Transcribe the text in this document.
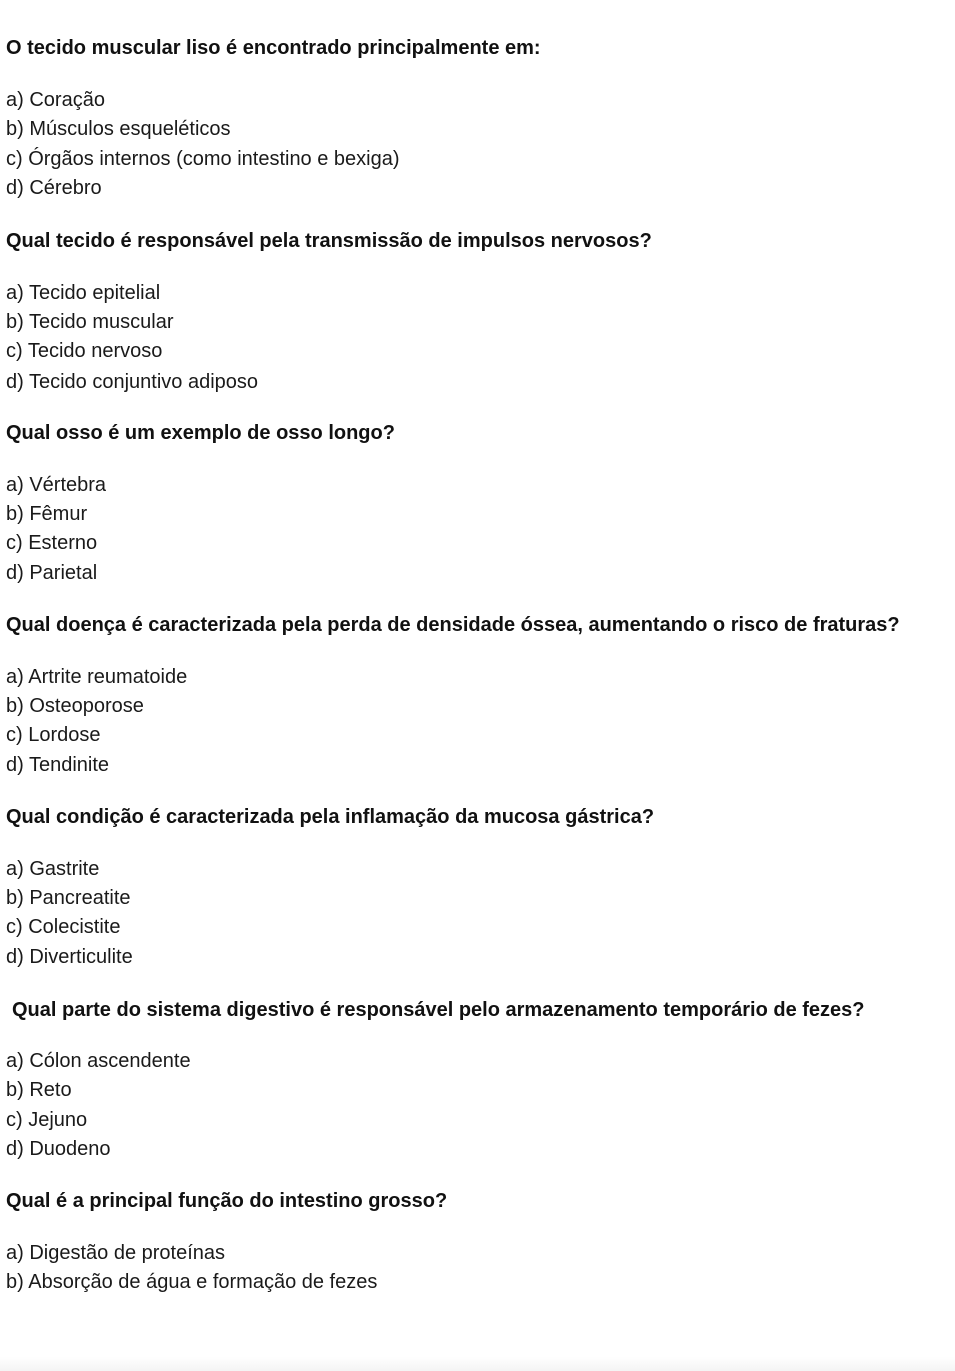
O tecido muscular liso é encontrado principalmente em:
a) Coração
b) Músculos esqueléticos
c) Órgãos internos (como intestino e bexiga)
d) Cérebro
Qual tecido é responsável pela transmissão de impulsos nervosos?
a) Tecido epitelial
b) Tecido muscular
c) Tecido nervoso
d) Tecido conjuntivo adiposo
Qual osso é um exemplo de osso longo?
a) Vértebra
b) Fêmur
c) Esterno
d) Parietal
Qual doença é caracterizada pela perda de densidade óssea, aumentando o risco de fraturas?
a) Artrite reumatoide
b) Osteoporose
c) Lordose
d) Tendinite
Qual condição é caracterizada pela inflamação da mucosa gástrica?
a) Gastrite
b) Pancreatite
c) Colecistite
d) Diverticulite
Qual parte do sistema digestivo é responsável pelo armazenamento temporário de fezes?
a) Cólon ascendente
b) Reto
c) Jejuno
d) Duodeno
Qual é a principal função do intestino grosso?
a) Digestão de proteínas
b) Absorção de água e formação de fezes
